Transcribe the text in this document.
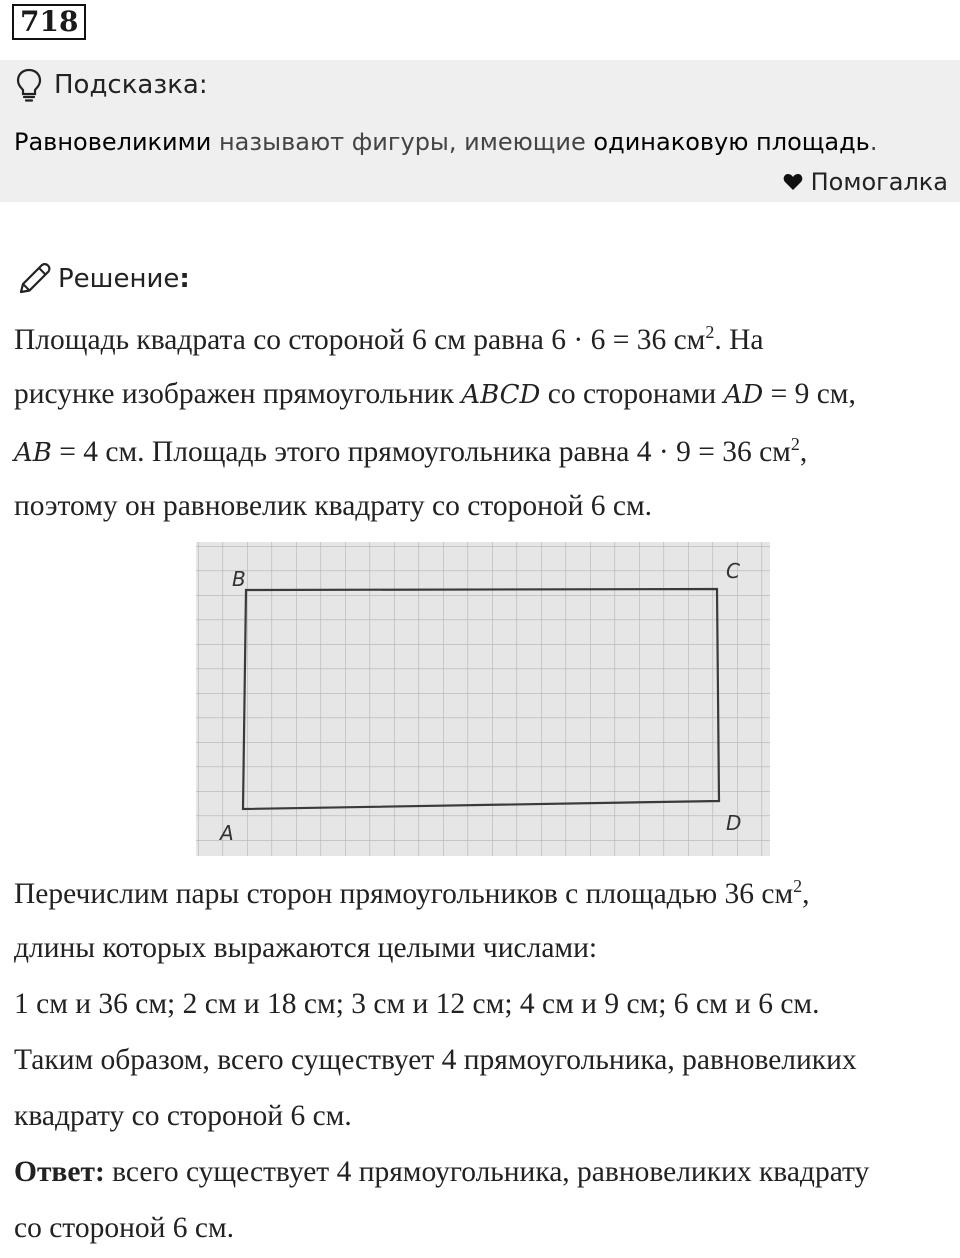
718
Подсказка:
Равновеликими называют фигуры, имеющие одинаковую площадь.
Помогалка
Решение:
Площадь квадрата со стороной 6 см равна 6 · 6 = 36 $см^2$. На
рисунке изображен прямоугольник ABCD со сторонами AD = 9 см,
AB = 4 см. Площадь этого прямоугольника равна 4 · 9 = 36 $см^2$,
поэтому он равновелик квадрату со стороной 6 см.
B	C
A	D
Перечислим пары сторон прямоугольников с площадью 36 $см^2$,
длины которых выражаются целыми числами:
1 см и 36 см; 2 см и 18 см; 3 см и 12 см; 4 см и 9 см; 6 см и 6 см.
Таким образом, всего существует 4 прямоугольника, равновеликих
квадрату со стороной 6 см.
Ответ: всего существует 4 прямоугольника, равновеликих квадрату
со стороной 6 см.
